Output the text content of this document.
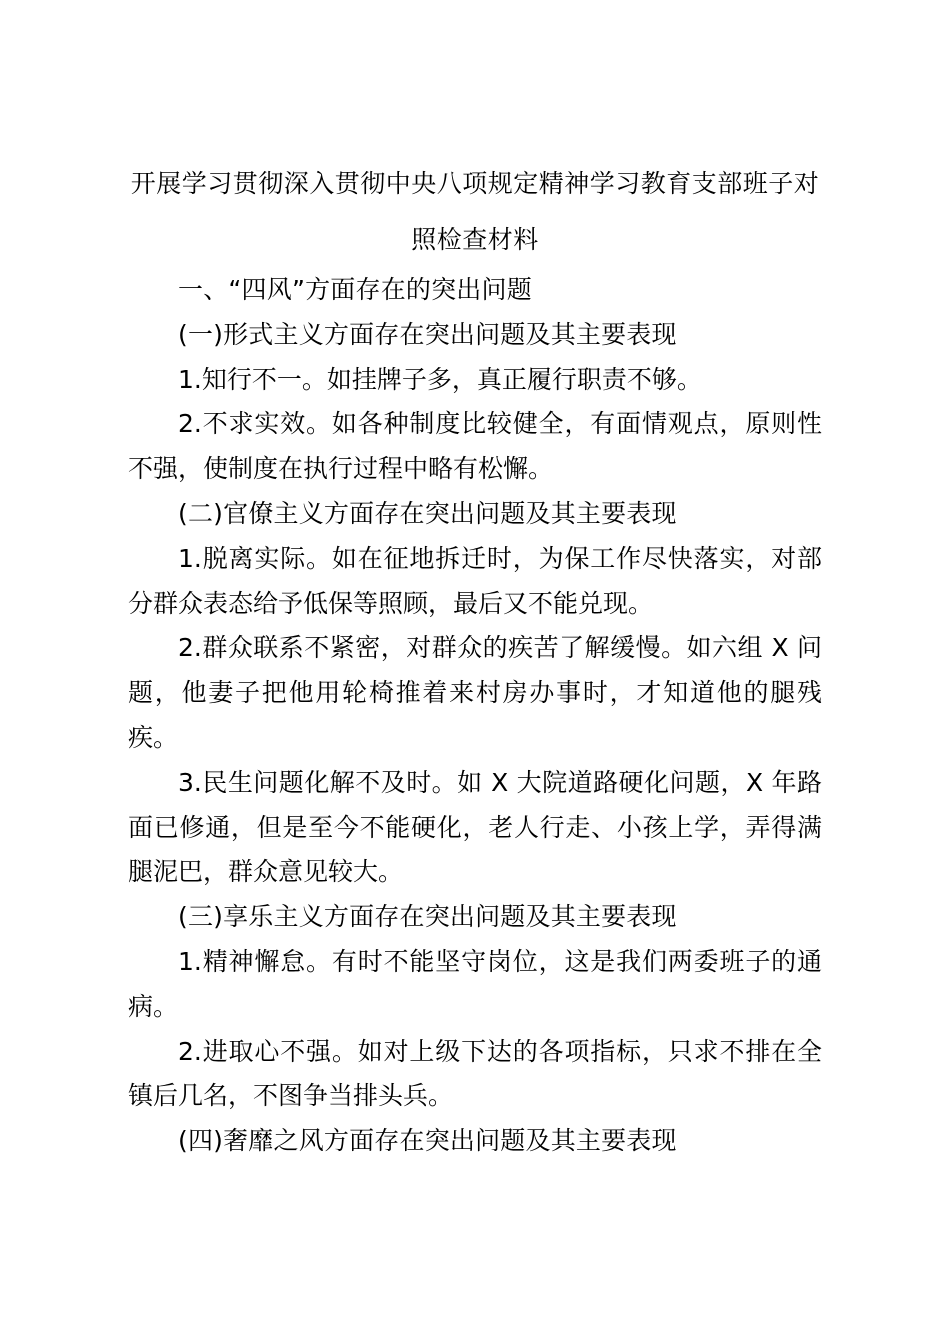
开展学习贯彻深入贯彻中央八项规定精神学习教育支部班子对
照检查材料

一、“四风”方面存在的突出问题

(一)形式主义方面存在突出问题及其主要表现

1.知行不一。如挂牌子多，真正履行职责不够。

2.不求实效。如各种制度比较健全，有面情观点，原则性不强，使制度在执行过程中略有松懈。

(二)官僚主义方面存在突出问题及其主要表现

1.脱离实际。如在征地拆迁时，为保工作尽快落实，对部分群众表态给予低保等照顾，最后又不能兑现。

2.群众联系不紧密，对群众的疾苦了解缓慢。如六组 X 问题，他妻子把他用轮椅推着来村房办事时，才知道他的腿残疾。

3.民生问题化解不及时。如 X 大院道路硬化问题，X 年路面已修通，但是至今不能硬化，老人行走、小孩上学，弄得满腿泥巴，群众意见较大。

(三)享乐主义方面存在突出问题及其主要表现

1.精神懈怠。有时不能坚守岗位，这是我们两委班子的通病。

2.进取心不强。如对上级下达的各项指标，只求不排在全镇后几名，不图争当排头兵。

(四)奢靡之风方面存在突出问题及其主要表现
